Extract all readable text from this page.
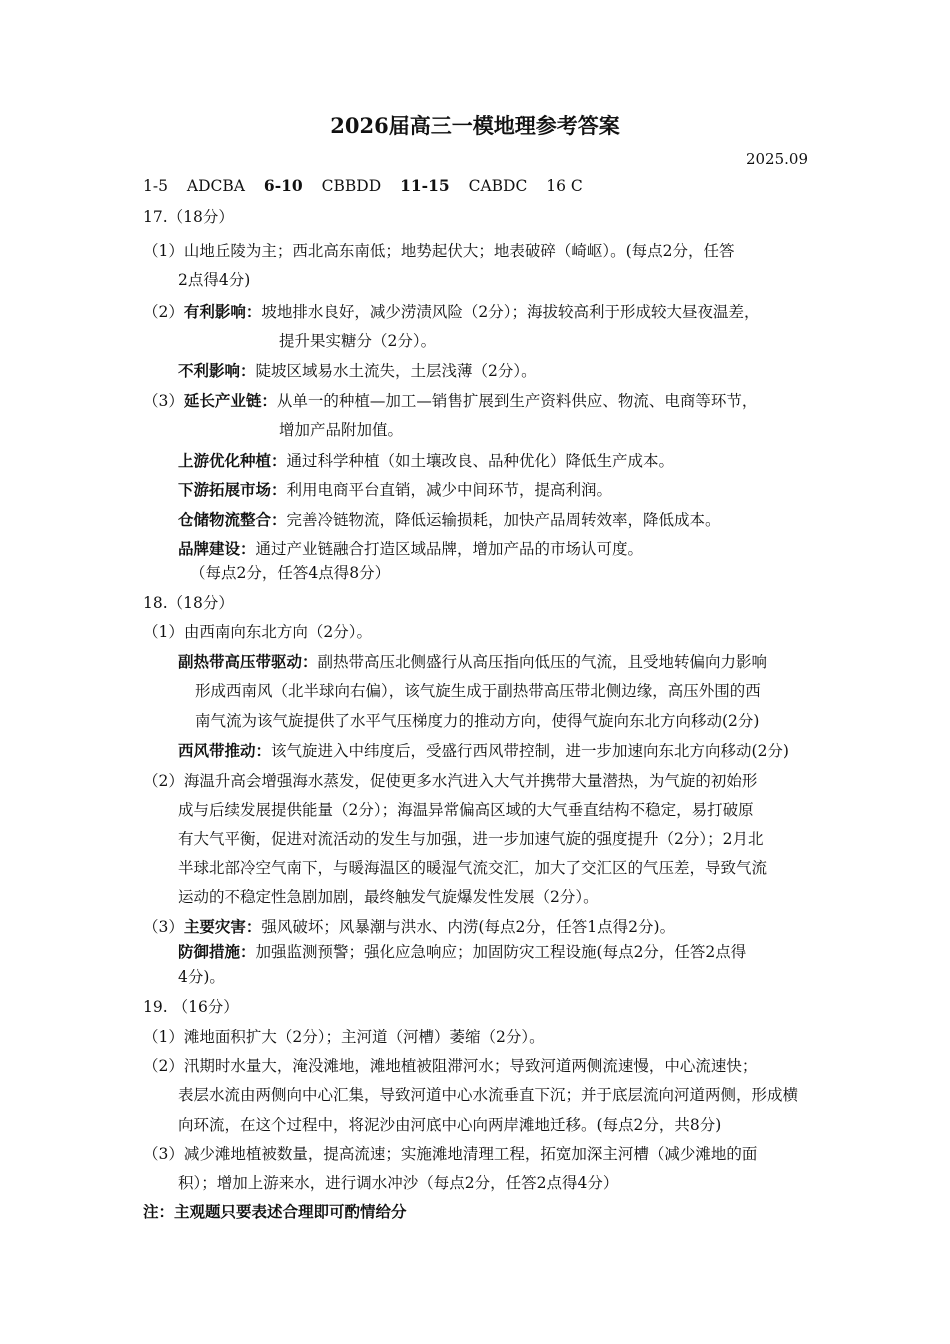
2026届高三一模地理参考答案
2025.09
1-5 ADCBA 6-10 CBBDD 11-15 CABDC 16 C
17.（18分）
（1）山地丘陵为主；西北高东南低；地势起伏大；地表破碎（崎岖）。(每点2分，任答
2点得4分)
（2）有利影响：坡地排水良好，减少涝渍风险（2分）；海拔较高利于形成较大昼夜温差，
提升果实糖分（2分）。
不利影响：陡坡区域易水土流失，土层浅薄（2分）。
（3）延长产业链：从单一的种植—加工—销售扩展到生产资料供应、物流、电商等环节，
增加产品附加值。
上游优化种植：通过科学种植（如土壤改良、品种优化）降低生产成本。
下游拓展市场：利用电商平台直销，减少中间环节，提高利润。
仓储物流整合：完善冷链物流，降低运输损耗，加快产品周转效率，降低成本。
品牌建设：通过产业链融合打造区域品牌，增加产品的市场认可度。
（每点2分，任答4点得8分）
18.（18分）
（1）由西南向东北方向（2分）。
副热带高压带驱动：副热带高压北侧盛行从高压指向低压的气流，且受地转偏向力影响
形成西南风（北半球向右偏），该气旋生成于副热带高压带北侧边缘，高压外围的西
南气流为该气旋提供了水平气压梯度力的推动方向，使得气旋向东北方向移动(2分)
西风带推动：该气旋进入中纬度后，受盛行西风带控制，进一步加速向东北方向移动(2分)
（2）海温升高会增强海水蒸发，促使更多水汽进入大气并携带大量潜热，为气旋的初始形
成与后续发展提供能量（2分）；海温异常偏高区域的大气垂直结构不稳定，易打破原
有大气平衡，促进对流活动的发生与加强，进一步加速气旋的强度提升（2分）；2月北
半球北部冷空气南下，与暖海温区的暖湿气流交汇，加大了交汇区的气压差，导致气流
运动的不稳定性急剧加剧，最终触发气旋爆发性发展（2分）。
（3）主要灾害：强风破坏；风暴潮与洪水、内涝(每点2分，任答1点得2分)。
防御措施：加强监测预警；强化应急响应；加固防灾工程设施(每点2分，任答2点得
4分)。
19. （16分）
（1）滩地面积扩大（2分）；主河道（河槽）萎缩（2分）。
（2）汛期时水量大，淹没滩地，滩地植被阻滞河水；导致河道两侧流速慢，中心流速快；
表层水流由两侧向中心汇集，导致河道中心水流垂直下沉；并于底层流向河道两侧，形成横
向环流，在这个过程中，将泥沙由河底中心向两岸滩地迁移。(每点2分，共8分)
（3）减少滩地植被数量，提高流速；实施滩地清理工程，拓宽加深主河槽（减少滩地的面
积）；增加上游来水，进行调水冲沙（每点2分，任答2点得4分）
注：主观题只要表述合理即可酌情给分
